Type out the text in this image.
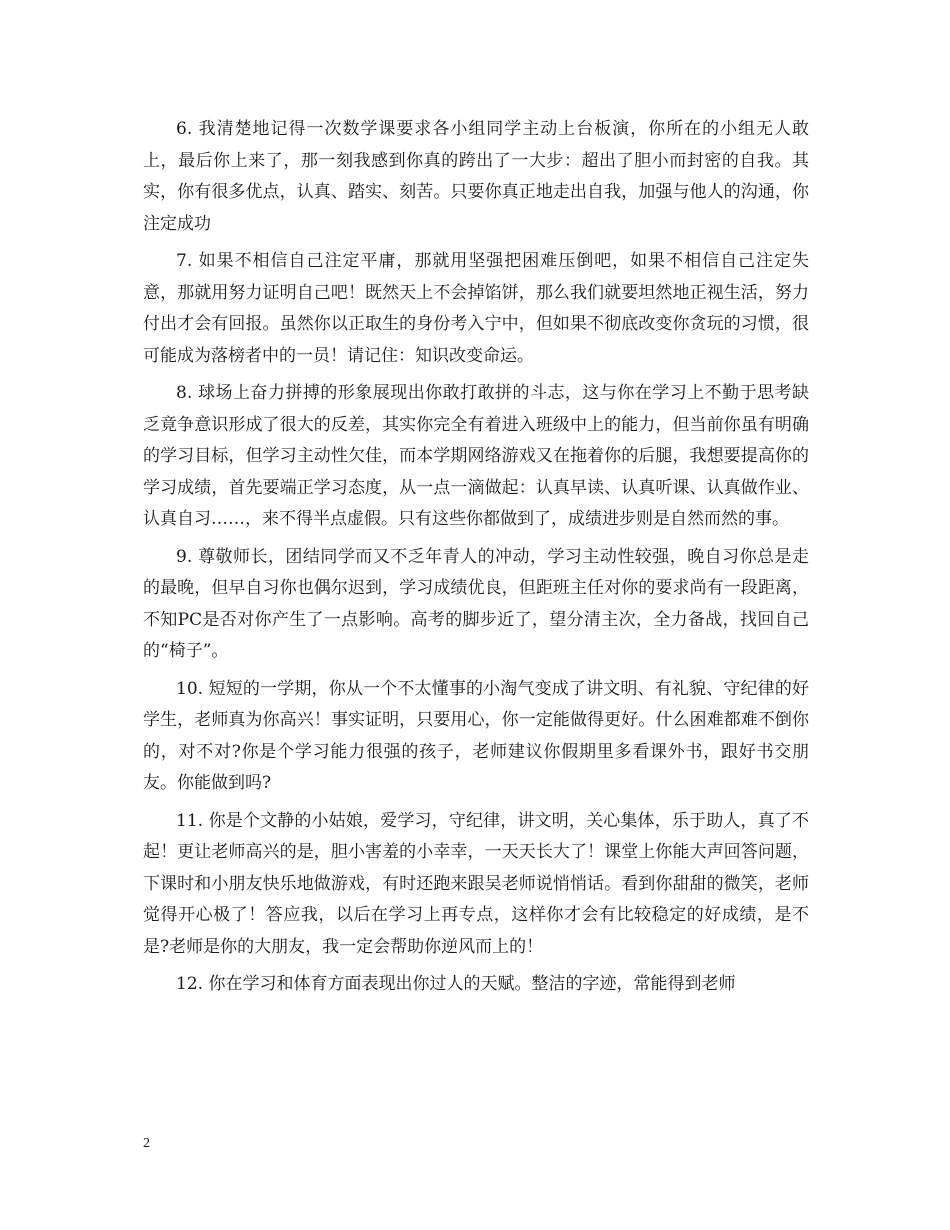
6. 我清楚地记得一次数学课要求各小组同学主动上台板演，你所在的小组无人敢上，最后你上来了，那一刻我感到你真的跨出了一大步：超出了胆小而封密的自我。其实，你有很多优点，认真、踏实、刻苦。只要你真正地走出自我，加强与他人的沟通，你注定成功

7. 如果不相信自己注定平庸，那就用坚强把困难压倒吧，如果不相信自己注定失意，那就用努力证明自己吧！既然天上不会掉馅饼，那么我们就要坦然地正视生活，努力付出才会有回报。虽然你以正取生的身份考入宁中，但如果不彻底改变你贪玩的习惯，很可能成为落榜者中的一员！请记住：知识改变命运。

8. 球场上奋力拼搏的形象展现出你敢打敢拼的斗志，这与你在学习上不勤于思考缺乏竟争意识形成了很大的反差，其实你完全有着进入班级中上的能力，但当前你虽有明确的学习目标，但学习主动性欠佳，而本学期网络游戏又在拖着你的后腿，我想要提高你的学习成绩，首先要端正学习态度，从一点一滴做起：认真早读、认真听课、认真做作业、认真自习……，来不得半点虚假。只有这些你都做到了，成绩进步则是自然而然的事。

9. 尊敬师长，团结同学而又不乏年青人的冲动，学习主动性较强，晚自习你总是走的最晚，但早自习你也偶尔迟到，学习成绩优良，但距班主任对你的要求尚有一段距离，不知PC是否对你产生了一点影响。高考的脚步近了，望分清主次，全力备战，找回自己的“椅子”。

10. 短短的一学期，你从一个不太懂事的小淘气变成了讲文明、有礼貌、守纪律的好学生，老师真为你高兴！事实证明，只要用心，你一定能做得更好。什么困难都难不倒你的，对不对?你是个学习能力很强的孩子，老师建议你假期里多看课外书，跟好书交朋友。你能做到吗?

11. 你是个文静的小姑娘，爱学习，守纪律，讲文明，关心集体，乐于助人，真了不起！更让老师高兴的是，胆小害羞的小幸幸，一天天长大了！课堂上你能大声回答问题，下课时和小朋友快乐地做游戏，有时还跑来跟吴老师说悄悄话。看到你甜甜的微笑，老师觉得开心极了！答应我，以后在学习上再专点，这样你才会有比较稳定的好成绩，是不是?老师是你的大朋友，我一定会帮助你逆风而上的！

12. 你在学习和体育方面表现出你过人的天赋。整洁的字迹，常能得到老师

2
